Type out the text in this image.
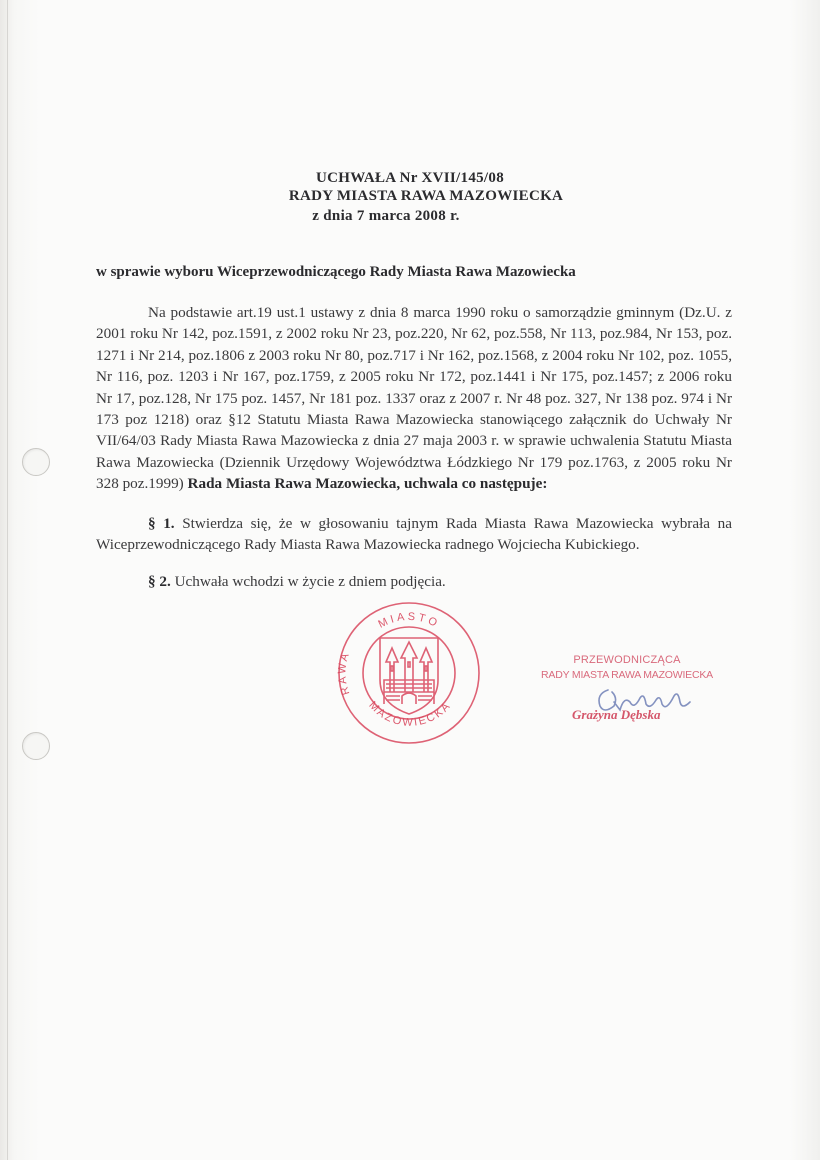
UCHWAŁA Nr XVII/145/08
RADY MIASTA RAWA MAZOWIECKA
z dnia 7 marca 2008 r.
w sprawie wyboru Wiceprzewodniczącego Rady Miasta Rawa Mazowiecka
Na podstawie art.19 ust.1 ustawy z dnia 8 marca 1990 roku o samorządzie gminnym (Dz.U. z 2001 roku Nr 142, poz.1591, z 2002 roku Nr 23, poz.220, Nr 62, poz.558, Nr 113, poz.984, Nr 153, poz. 1271 i Nr 214, poz.1806 z 2003 roku Nr 80, poz.717 i Nr 162, poz.1568, z 2004 roku Nr 102, poz. 1055, Nr 116, poz. 1203 i Nr 167, poz.1759, z 2005 roku Nr 172, poz.1441 i Nr 175, poz.1457; z 2006 roku Nr 17, poz.128, Nr 175 poz. 1457, Nr 181 poz. 1337 oraz z 2007 r. Nr 48 poz. 327, Nr 138 poz. 974 i Nr 173 poz 1218) oraz §12 Statutu Miasta Rawa Mazowiecka stanowiącego załącznik do Uchwały Nr VII/64/03 Rady Miasta Rawa Mazowiecka z dnia 27 maja 2003 r. w sprawie uchwalenia Statutu Miasta Rawa Mazowiecka (Dziennik Urzędowy Województwa Łódzkiego Nr 179 poz.1763, z 2005 roku Nr 328 poz.1999) Rada Miasta Rawa Mazowiecka, uchwala co następuje:
§ 1. Stwierdza się, że w głosowaniu tajnym Rada Miasta Rawa Mazowiecka wybrała na Wiceprzewodniczącego Rady Miasta Rawa Mazowiecka radnego Wojciecha Kubickiego.
§ 2. Uchwała wchodzi w życie z dniem podjęcia.
MIASTO
RAWA
MAZOWIECKA
PRZEWODNICZĄCA
RADY MIASTA RAWA MAZOWIECKA
Grażyna Dębska
